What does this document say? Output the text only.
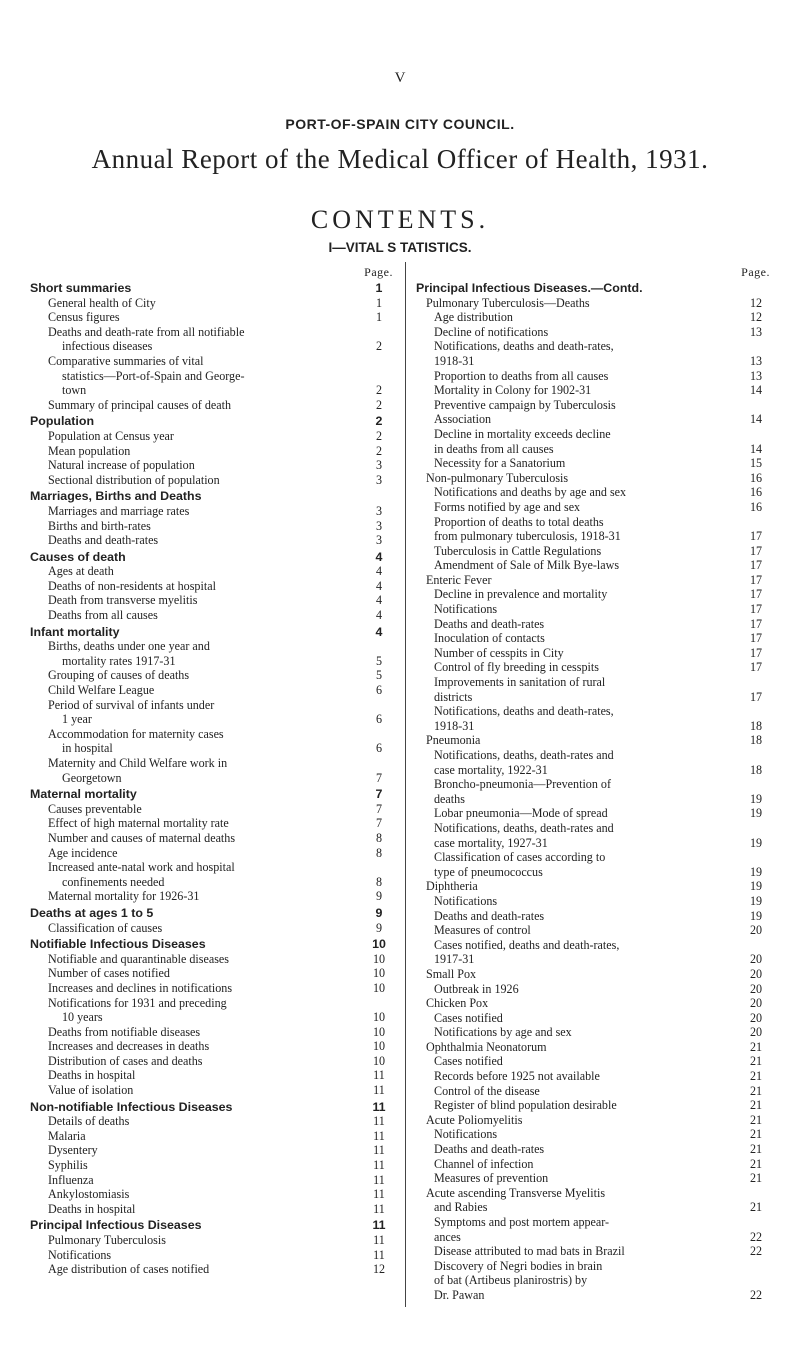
V
PORT-OF-SPAIN CITY COUNCIL.
Annual Report of the Medical Officer of Health, 1931.
CONTENTS.
I—VITAL S TATISTICS.
Page.
Short summaries	1
General health of City	1
Census figures	1
Deaths and death-rate from all notifiable
infectious diseases	2
Comparative summaries of vital
statistics—Port-of-Spain and George-
town	2
Summary of principal causes of death	2
Population	2
Population at Census year	2
Mean population	2
Natural increase of population	3
Sectional distribution of population	3
Marriages, Births and Deaths
Marriages and marriage rates	3
Births and birth-rates	3
Deaths and death-rates	3
Causes of death	4
Ages at death	4
Deaths of non-residents at hospital	4
Death from transverse myelitis	4
Deaths from all causes	4
Infant mortality	4
Births, deaths under one year and
mortality rates 1917-31	5
Grouping of causes of deaths	5
Child Welfare League	6
Period of survival of infants under
1 year	6
Accommodation for maternity cases
in hospital	6
Maternity and Child Welfare work in
Georgetown	7
Maternal mortality	7
Causes preventable	7
Effect of high maternal mortality rate	7
Number and causes of maternal deaths	8
Age incidence	8
Increased ante-natal work and hospital
confinements needed	8
Maternal mortality for 1926-31	9
Deaths at ages 1 to 5	9
Classification of causes	9
Notifiable Infectious Diseases	10
Notifiable and quarantinable diseases	10
Number of cases notified	10
Increases and declines in notifications	10
Notifications for 1931 and preceding
10 years	10
Deaths from notifiable diseases	10
Increases and decreases in deaths	10
Distribution of cases and deaths	10
Deaths in hospital	11
Value of isolation	11
Non-notifiable Infectious Diseases	11
Details of deaths	11
Malaria	11
Dysentery	11
Syphilis	11
Influenza	11
Ankylostomiasis	11
Deaths in hospital	11
Principal Infectious Diseases	11
Pulmonary Tuberculosis	11
Notifications	11
Age distribution of cases notified	12
Page.
Principal Infectious Diseases.—Contd.
Pulmonary Tuberculosis—Deaths	12
Age distribution	12
Decline of notifications	13
Notifications, deaths and death-rates,
1918-31	13
Proportion to deaths from all causes	13
Mortality in Colony for 1902-31	14
Preventive campaign by Tuberculosis
Association	14
Decline in mortality exceeds decline
in deaths from all causes	14
Necessity for a Sanatorium	15
Non-pulmonary Tuberculosis	16
Notifications and deaths by age and sex	16
Forms notified by age and sex	16
Proportion of deaths to total deaths
from pulmonary tuberculosis, 1918-31	17
Tuberculosis in Cattle Regulations	17
Amendment of Sale of Milk Bye-laws	17
Enteric Fever	17
Decline in prevalence and mortality	17
Notifications	17
Deaths and death-rates	17
Inoculation of contacts	17
Number of cesspits in City	17
Control of fly breeding in cesspits	17
Improvements in sanitation of rural
districts	17
Notifications, deaths and death-rates,
1918-31	18
Pneumonia	18
Notifications, deaths, death-rates and
case mortality, 1922-31	18
Broncho-pneumonia—Prevention of
deaths	19
Lobar pneumonia—Mode of spread	19
Notifications, deaths, death-rates and
case mortality, 1927-31	19
Classification of cases according to
type of pneumococcus	19
Diphtheria	19
Notifications	19
Deaths and death-rates	19
Measures of control	20
Cases notified, deaths and death-rates,
1917-31	20
Small Pox	20
Outbreak in 1926	20
Chicken Pox	20
Cases notified	20
Notifications by age and sex	20
Ophthalmia Neonatorum	21
Cases notified	21
Records before 1925 not available	21
Control of the disease	21
Register of blind population desirable	21
Acute Poliomyelitis	21
Notifications	21
Deaths and death-rates	21
Channel of infection	21
Measures of prevention	21
Acute ascending Transverse Myelitis
and Rabies	21
Symptoms and post mortem appear-
ances	22
Disease attributed to mad bats in Brazil	22
Discovery of Negri bodies in brain
of bat (Artibeus planirostris) by
Dr. Pawan	22
